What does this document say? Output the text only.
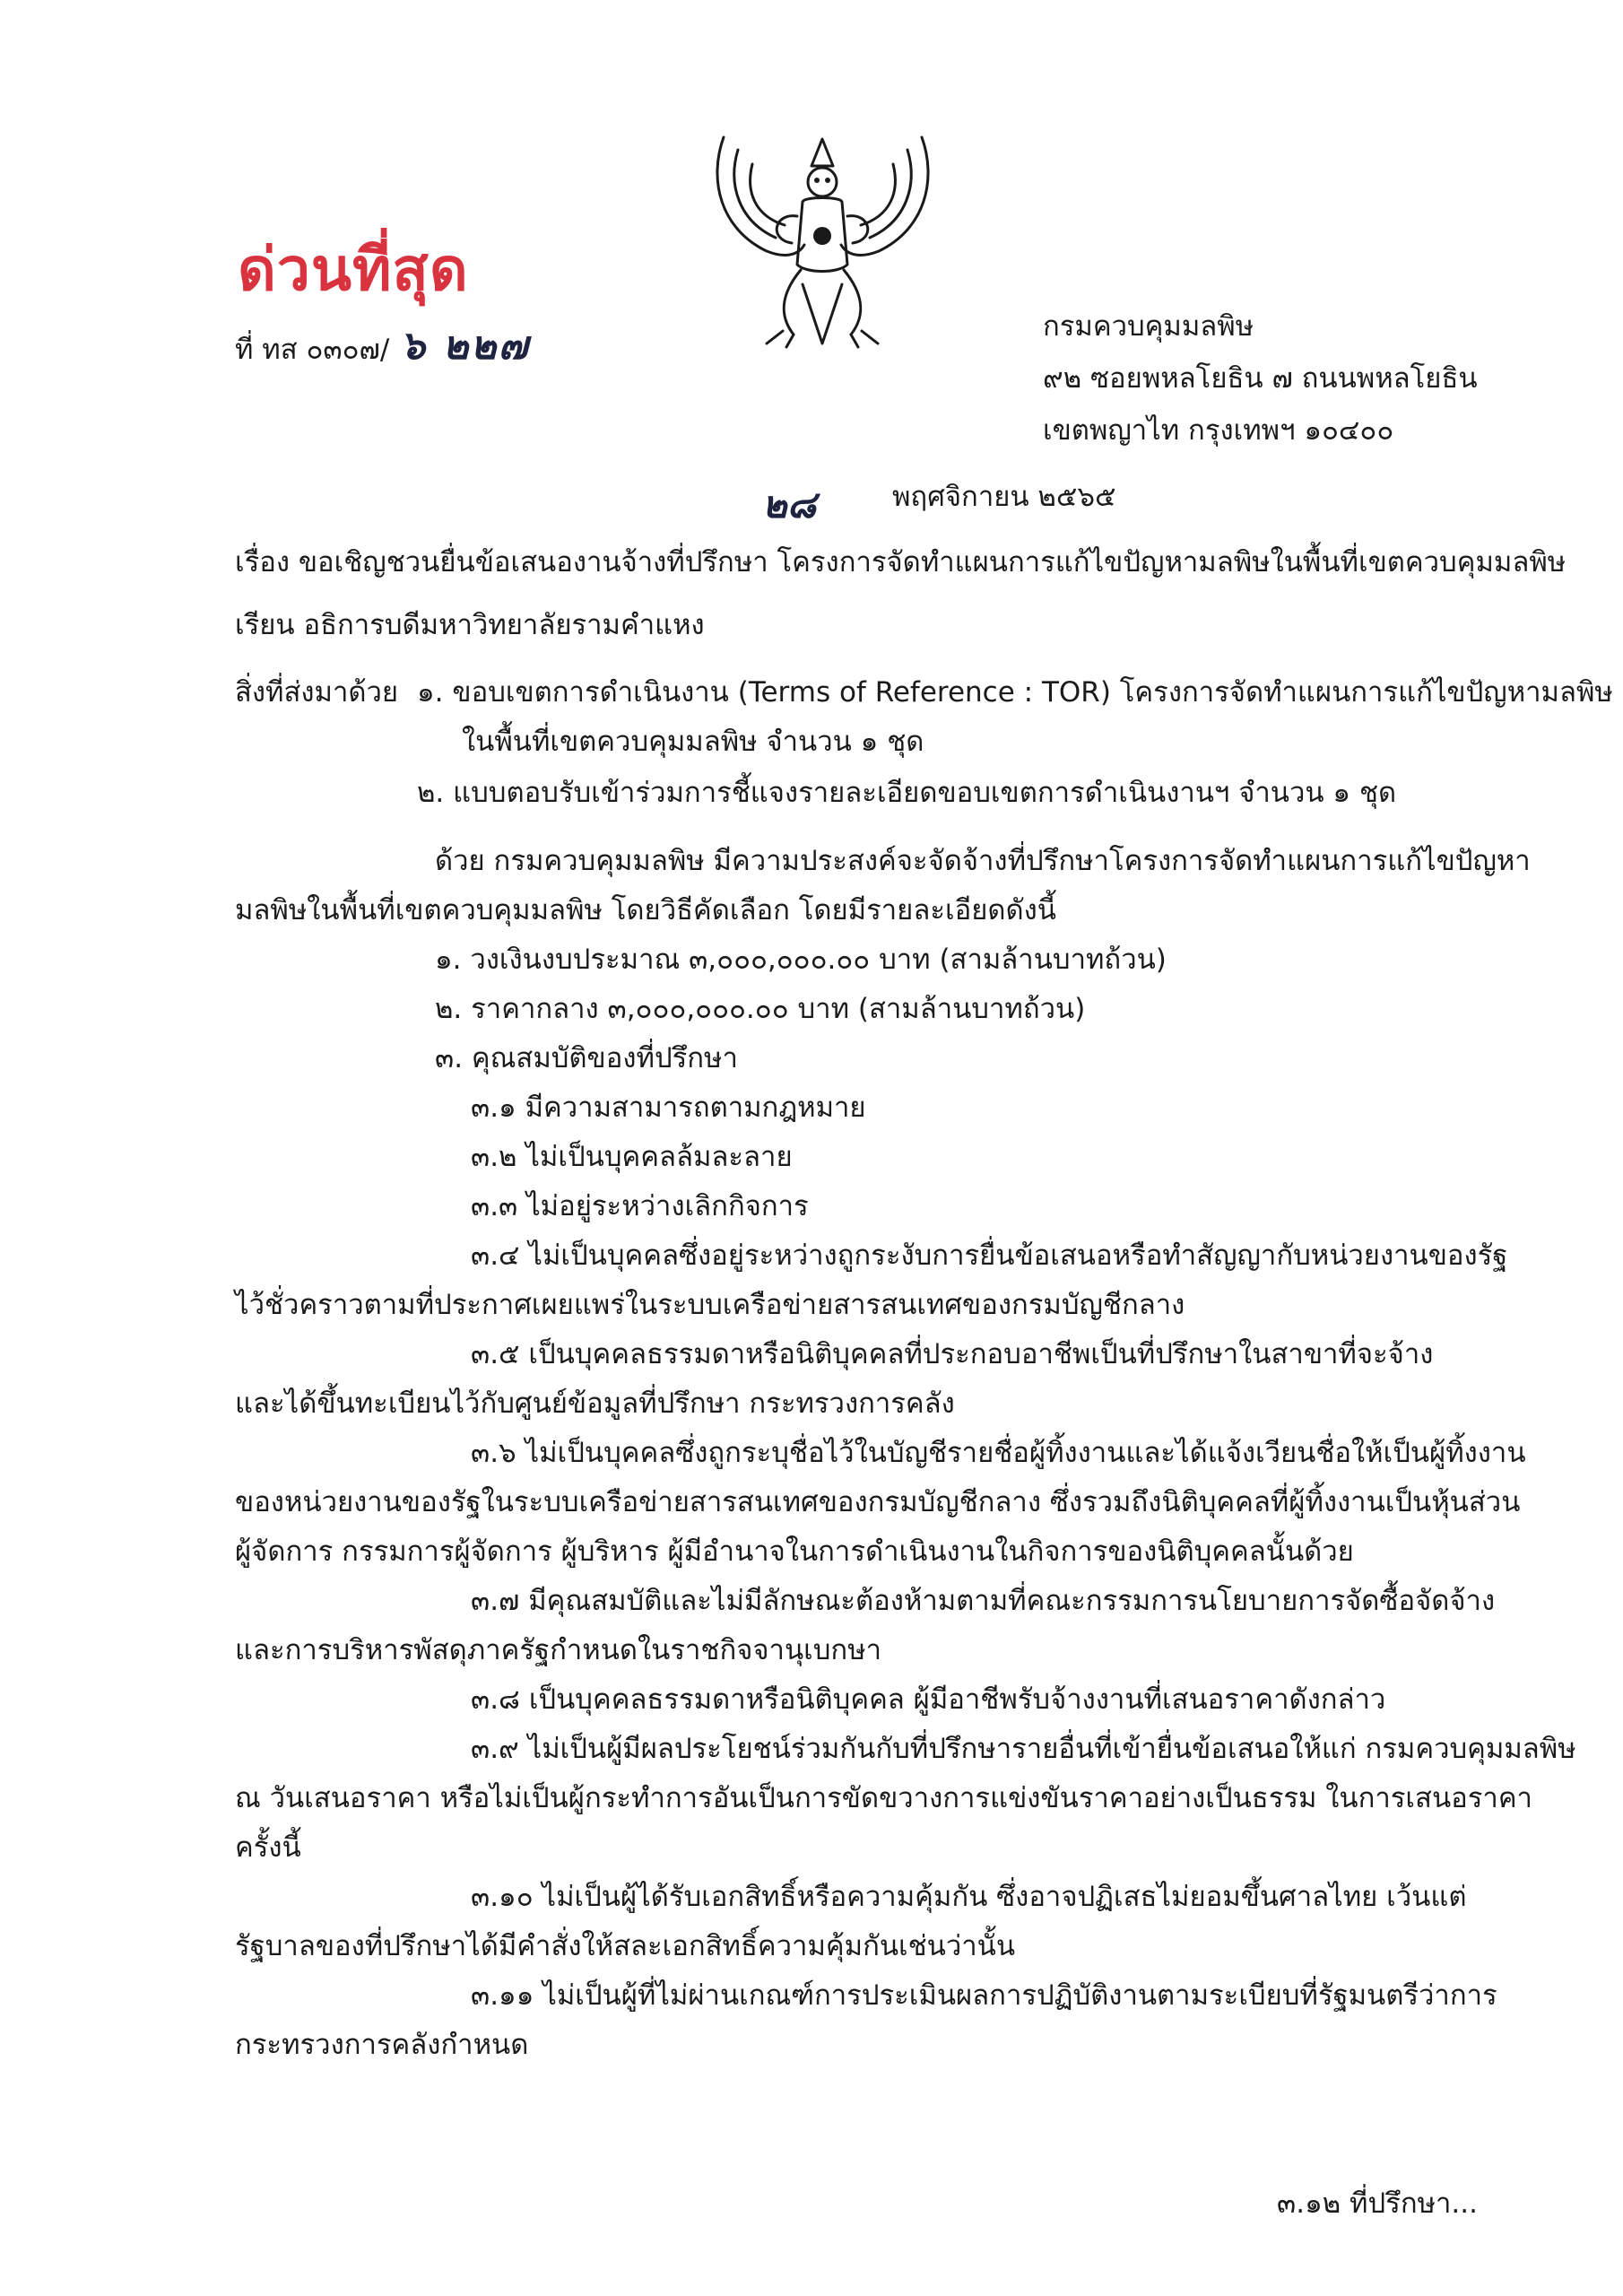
ด่วนที่สุด
ที่ ทส ๐๓๐๗/ ๖ ๒๒๗	กรมควบคุมมลพิษ
๙๒ ซอยพหลโยธิน ๗ ถนนพหลโยธิน
เขตพญาไท กรุงเทพฯ ๑๐๔๐๐
๒๘	พฤศจิกายน ๒๕๖๕
เรื่อง ขอเชิญชวนยื่นข้อเสนองานจ้างที่ปรึกษา โครงการจัดทำแผนการแก้ไขปัญหามลพิษในพื้นที่เขตควบคุมมลพิษ
เรียน อธิการบดีมหาวิทยาลัยรามคำแหง
สิ่งที่ส่งมาด้วย ๑. ขอบเขตการดำเนินงาน (Terms of Reference : TOR) โครงการจัดทำแผนการแก้ไขปัญหามลพิษ
ในพื้นที่เขตควบคุมมลพิษ จำนวน ๑ ชุด
๒. แบบตอบรับเข้าร่วมการชี้แจงรายละเอียดขอบเขตการดำเนินงานฯ จำนวน ๑ ชุด
ด้วย กรมควบคุมมลพิษ มีความประสงค์จะจัดจ้างที่ปรึกษาโครงการจัดทำแผนการแก้ไขปัญหา
มลพิษในพื้นที่เขตควบคุมมลพิษ โดยวิธีคัดเลือก โดยมีรายละเอียดดังนี้
๑. วงเงินงบประมาณ ๓,๐๐๐,๐๐๐.๐๐ บาท (สามล้านบาทถ้วน)
๒. ราคากลาง ๓,๐๐๐,๐๐๐.๐๐ บาท (สามล้านบาทถ้วน)
๓. คุณสมบัติของที่ปรึกษา
๓.๑ มีความสามารถตามกฎหมาย
๓.๒ ไม่เป็นบุคคลล้มละลาย
๓.๓ ไม่อยู่ระหว่างเลิกกิจการ
๓.๔ ไม่เป็นบุคคลซึ่งอยู่ระหว่างถูกระงับการยื่นข้อเสนอหรือทำสัญญากับหน่วยงานของรัฐ
ไว้ชั่วคราวตามที่ประกาศเผยแพร่ในระบบเครือข่ายสารสนเทศของกรมบัญชีกลาง
๓.๕ เป็นบุคคลธรรมดาหรือนิติบุคคลที่ประกอบอาชีพเป็นที่ปรึกษาในสาขาที่จะจ้าง
และได้ขึ้นทะเบียนไว้กับศูนย์ข้อมูลที่ปรึกษา กระทรวงการคลัง
๓.๖ ไม่เป็นบุคคลซึ่งถูกระบุชื่อไว้ในบัญชีรายชื่อผู้ทิ้งงานและได้แจ้งเวียนชื่อให้เป็นผู้ทิ้งงาน
ของหน่วยงานของรัฐในระบบเครือข่ายสารสนเทศของกรมบัญชีกลาง ซึ่งรวมถึงนิติบุคคลที่ผู้ทิ้งงานเป็นหุ้นส่วน
ผู้จัดการ กรรมการผู้จัดการ ผู้บริหาร ผู้มีอำนาจในการดำเนินงานในกิจการของนิติบุคคลนั้นด้วย
๓.๗ มีคุณสมบัติและไม่มีลักษณะต้องห้ามตามที่คณะกรรมการนโยบายการจัดซื้อจัดจ้าง
และการบริหารพัสดุภาครัฐกำหนดในราชกิจจานุเบกษา
๓.๘ เป็นบุคคลธรรมดาหรือนิติบุคคล ผู้มีอาชีพรับจ้างงานที่เสนอราคาดังกล่าว
๓.๙ ไม่เป็นผู้มีผลประโยชน์ร่วมกันกับที่ปรึกษารายอื่นที่เข้ายื่นข้อเสนอให้แก่ กรมควบคุมมลพิษ
ณ วันเสนอราคา หรือไม่เป็นผู้กระทำการอันเป็นการขัดขวางการแข่งขันราคาอย่างเป็นธรรม ในการเสนอราคา
ครั้งนี้
๓.๑๐ ไม่เป็นผู้ได้รับเอกสิทธิ์หรือความคุ้มกัน ซึ่งอาจปฏิเสธไม่ยอมขึ้นศาลไทย เว้นแต่
รัฐบาลของที่ปรึกษาได้มีคำสั่งให้สละเอกสิทธิ์ความคุ้มกันเช่นว่านั้น
๓.๑๑ ไม่เป็นผู้ที่ไม่ผ่านเกณฑ์การประเมินผลการปฏิบัติงานตามระเบียบที่รัฐมนตรีว่าการ
กระทรวงการคลังกำหนด
๓.๑๒ ที่ปรึกษา...
